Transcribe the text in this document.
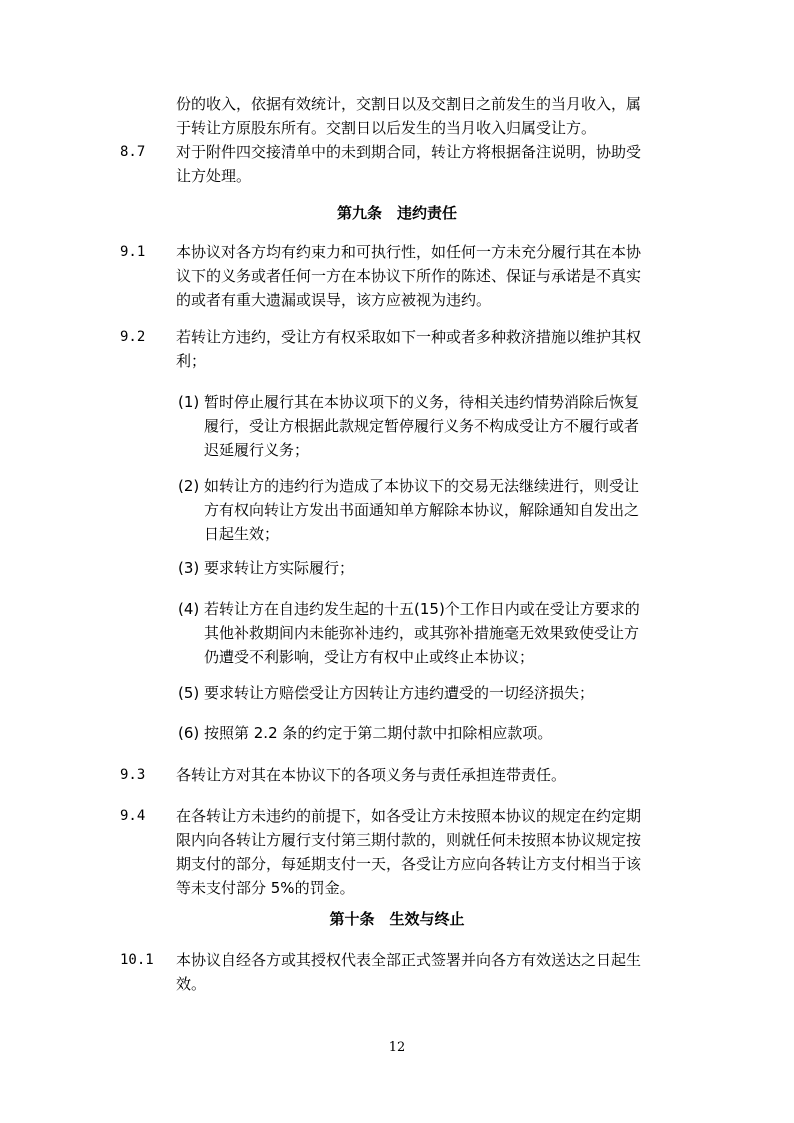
份的收入，依据有效统计，交割日以及交割日之前发生的当月收入，属
于转让方原股东所有。交割日以后发生的当月收入归属受让方。
8.7 对于附件四交接清单中的未到期合同，转让方将根据备注说明，协助受
让方处理。
第九条　违约责任
9.1 本协议对各方均有约束力和可执行性，如任何一方未充分履行其在本协
议下的义务或者任何一方在本协议下所作的陈述、保证与承诺是不真实
的或者有重大遗漏或误导，该方应被视为违约。
9.2 若转让方违约，受让方有权采取如下一种或者多种救济措施以维护其权
利；
(1) 暂时停止履行其在本协议项下的义务，待相关违约情势消除后恢复
履行，受让方根据此款规定暂停履行义务不构成受让方不履行或者
迟延履行义务；
(2) 如转让方的违约行为造成了本协议下的交易无法继续进行，则受让
方有权向转让方发出书面通知单方解除本协议，解除通知自发出之
日起生效；
(3) 要求转让方实际履行；
(4) 若转让方在自违约发生起的十五(15)个工作日内或在受让方要求的
其他补救期间内未能弥补违约，或其弥补措施毫无效果致使受让方
仍遭受不利影响，受让方有权中止或终止本协议；
(5) 要求转让方赔偿受让方因转让方违约遭受的一切经济损失；
(6) 按照第 2.2 条的约定于第二期付款中扣除相应款项。
9.3 各转让方对其在本协议下的各项义务与责任承担连带责任。
9.4 在各转让方未违约的前提下，如各受让方未按照本协议的规定在约定期
限内向各转让方履行支付第三期付款的，则就任何未按照本协议规定按
期支付的部分，每延期支付一天，各受让方应向各转让方支付相当于该
等未支付部分 5%的罚金。
第十条　生效与终止
10.1 本协议自经各方或其授权代表全部正式签署并向各方有效送达之日起生
效。
12
